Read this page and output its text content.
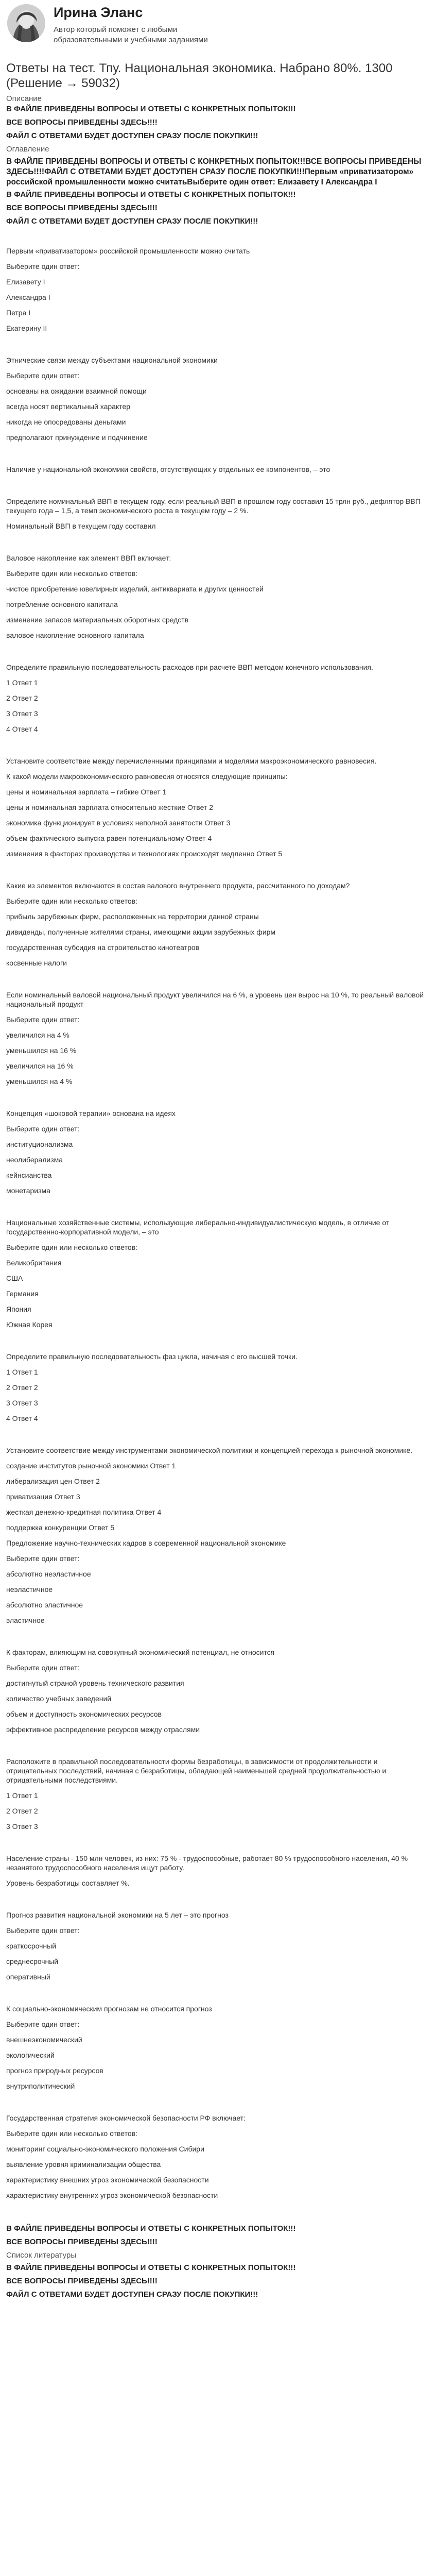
Ирина Эланс
Автор который поможет с любыми образовательными и учебными заданиями
Ответы на тест. Тпу. Национальная экономика. Набрано 80%. 1300 (Решение → 59032)
Описание
В ФАЙЛЕ ПРИВЕДЕНЫ ВОПРОСЫ И ОТВЕТЫ С КОНКРЕТНЫХ ПОПЫТОК!!!
ВСЕ ВОПРОСЫ ПРИВЕДЕНЫ ЗДЕСЬ!!!!
ФАЙЛ С ОТВЕТАМИ БУДЕТ ДОСТУПЕН СРАЗУ ПОСЛЕ ПОКУПКИ!!!
Оглавление
В ФАЙЛЕ ПРИВЕДЕНЫ ВОПРОСЫ И ОТВЕТЫ С КОНКРЕТНЫХ ПОПЫТОК!!!ВСЕ ВОПРОСЫ ПРИВЕДЕНЫ ЗДЕСЬ!!!!ФАЙЛ С ОТВЕТАМИ БУДЕТ ДОСТУПЕН СРАЗУ ПОСЛЕ ПОКУПКИ!!!Первым «приватизатором» российской промышленности можно считатьВыберите один ответ: Елизавету I Александра I
В ФАЙЛЕ ПРИВЕДЕНЫ ВОПРОСЫ И ОТВЕТЫ С КОНКРЕТНЫХ ПОПЫТОК!!!
ВСЕ ВОПРОСЫ ПРИВЕДЕНЫ ЗДЕСЬ!!!!
ФАЙЛ С ОТВЕТАМИ БУДЕТ ДОСТУПЕН СРАЗУ ПОСЛЕ ПОКУПКИ!!!
Первым «приватизатором» российской промышленности можно считать
Выберите один ответ:
Елизавету I
Александра I
Петра I
Екатерину II
Этнические связи между субъектами национальной экономики
Выберите один ответ:
основаны на ожидании взаимной помощи
всегда носят вертикальный характер
никогда не опосредованы деньгами
предполагают принуждение и подчинение
Наличие у национальной экономики свойств, отсутствующих у отдельных ее компонентов, – это
Определите номинальный ВВП в текущем году, если реальный ВВП в прошлом году составил 15 трлн руб., дефлятор ВВП текущего года – 1,5, а темп экономического роста в текущем году – 2 %.
Номинальный ВВП в текущем году составил
Валовое накопление как элемент ВВП включает:
Выберите один или несколько ответов:
чистое приобретение ювелирных изделий, антиквариата и других ценностей
потребление основного капитала
изменение запасов материальных оборотных средств
валовое накопление основного капитала
Определите правильную последовательность расходов при расчете ВВП методом конечного использования.
1 Ответ 1
2 Ответ 2
3 Ответ 3
4 Ответ 4
Установите соответствие между перечисленными принципами и моделями макроэкономического равновесия.
К какой модели макроэкономического равновесия относятся следующие принципы:
цены и номинальная зарплата – гибкие Ответ 1
цены и номинальная зарплата относительно жесткие Ответ 2
экономика функционирует в условиях неполной занятости Ответ 3
объем фактического выпуска равен потенциальному Ответ 4
изменения в факторах производства и технологиях происходят медленно Ответ 5
Какие из элементов включаются в состав валового внутреннего продукта, рассчитанного по доходам?
Выберите один или несколько ответов:
прибыль зарубежных фирм, расположенных на территории данной страны
дивиденды, полученные жителями страны, имеющими акции зарубежных фирм
государственная субсидия на строительство кинотеатров
косвенные налоги
Если номинальный валовой национальный продукт увеличился на 6 %, а уровень цен вырос на 10 %, то реальный валовой национальный продукт
Выберите один ответ:
увеличился на 4 %
уменьшился на 16 %
увеличился на 16 %
уменьшился на 4 %
Концепция «шоковой терапии» основана на идеях
Выберите один ответ:
институционализма
неолиберализма
кейнсианства
монетаризма
Национальные хозяйственные системы, использующие либерально-индивидуалистическую модель, в отличие от государственно-корпоративной модели, – это
Выберите один или несколько ответов:
Великобритания
США
Германия
Япония
Южная Корея
Определите правильную последовательность фаз цикла, начиная с его высшей точки.
1 Ответ 1
2 Ответ 2
3 Ответ 3
4 Ответ 4
Установите соответствие между инструментами экономической политики и концепцией перехода к рыночной экономике.
создание институтов рыночной экономики Ответ 1
либерализация цен Ответ 2
приватизация Ответ 3
жесткая денежно-кредитная политика Ответ 4
поддержка конкуренции Ответ 5
Предложение научно-технических кадров в современной национальной экономике
Выберите один ответ:
абсолютно неэластичное
неэластичное
абсолютно эластичное
эластичное
К факторам, влияющим на совокупный экономический потенциал, не относится
Выберите один ответ:
достигнутый страной уровень технического развития
количество учебных заведений
объем и доступность экономических ресурсов
эффективное распределение ресурсов между отраслями
Расположите в правильной последовательности формы безработицы, в зависимости от продолжительности и отрицательных последствий, начиная с безработицы, обладающей наименьшей средней продолжительностью и отрицательными последствиями.
1 Ответ 1
2 Ответ 2
3 Ответ 3
Население страны - 150 млн человек, из них: 75 % - трудоспособные, работает 80 % трудоспособного населения, 40 % незанятого трудоспособного населения ищут работу.
Уровень безработицы составляет %.
Прогноз развития национальной экономики на 5 лет – это прогноз
Выберите один ответ:
краткосрочный
среднесрочный
оперативный
К социально-экономическим прогнозам не относится прогноз
Выберите один ответ:
внешнеэкономический
экологический
прогноз природных ресурсов
внутриполитический
Государственная стратегия экономической безопасности РФ включает:
Выберите один или несколько ответов:
мониторинг социально-экономического положения Сибири
выявление уровня криминализации общества
характеристику внешних угроз экономической безопасности
характеристику внутренних угроз экономической безопасности
В ФАЙЛЕ ПРИВЕДЕНЫ ВОПРОСЫ И ОТВЕТЫ С КОНКРЕТНЫХ ПОПЫТОК!!!
ВСЕ ВОПРОСЫ ПРИВЕДЕНЫ ЗДЕСЬ!!!!
Список литературы
В ФАЙЛЕ ПРИВЕДЕНЫ ВОПРОСЫ И ОТВЕТЫ С КОНКРЕТНЫХ ПОПЫТОК!!!
ВСЕ ВОПРОСЫ ПРИВЕДЕНЫ ЗДЕСЬ!!!!
ФАЙЛ С ОТВЕТАМИ БУДЕТ ДОСТУПЕН СРАЗУ ПОСЛЕ ПОКУПКИ!!!
